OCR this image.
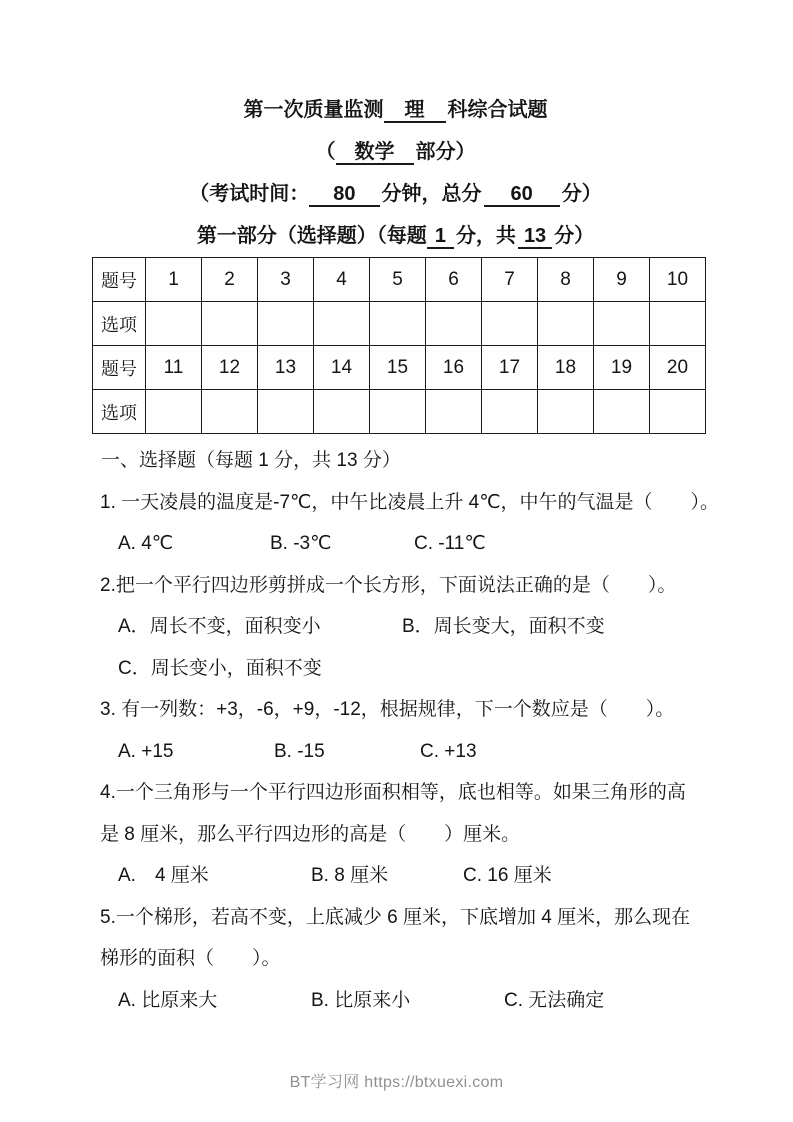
第一次质量监测 理 科综合试题
（ 数学 部分）
（考试时间： 80 分钟，总分 60 分）
第一部分（选择题）（每题 1 分，共 13 分）
题号	1	2	3	4	5	6	7	8	9	10
选项										
题号	11	12	13	14	15	16	17	18	19	20
选项										
一、选择题（每题 1 分，共 13 分）
1. 一天凌晨的温度是-7℃，中午比凌晨上升 4℃，中午的气温是（　　）。
A. 4℃	B. -3℃	C. -11℃
2.把一个平行四边形剪拼成一个长方形，下面说法正确的是（　　）。
A．周长不变，面积变小	B．周长变大，面积不变
C．周长变小，面积不变
3. 有一列数：+3，-6，+9，-12，根据规律，下一个数应是（　　）。
A. +15	B. -15	C. +13
4.一个三角形与一个平行四边形面积相等，底也相等。如果三角形的高
是 8 厘米，那么平行四边形的高是（　　）厘米。
A.　4 厘米	B. 8 厘米	C. 16 厘米
5.一个梯形，若高不变，上底减少 6 厘米，下底增加 4 厘米，那么现在
梯形的面积（　　）。
A. 比原来大	B. 比原来小	C. 无法确定
BT学习网 https://btxuexi.com
